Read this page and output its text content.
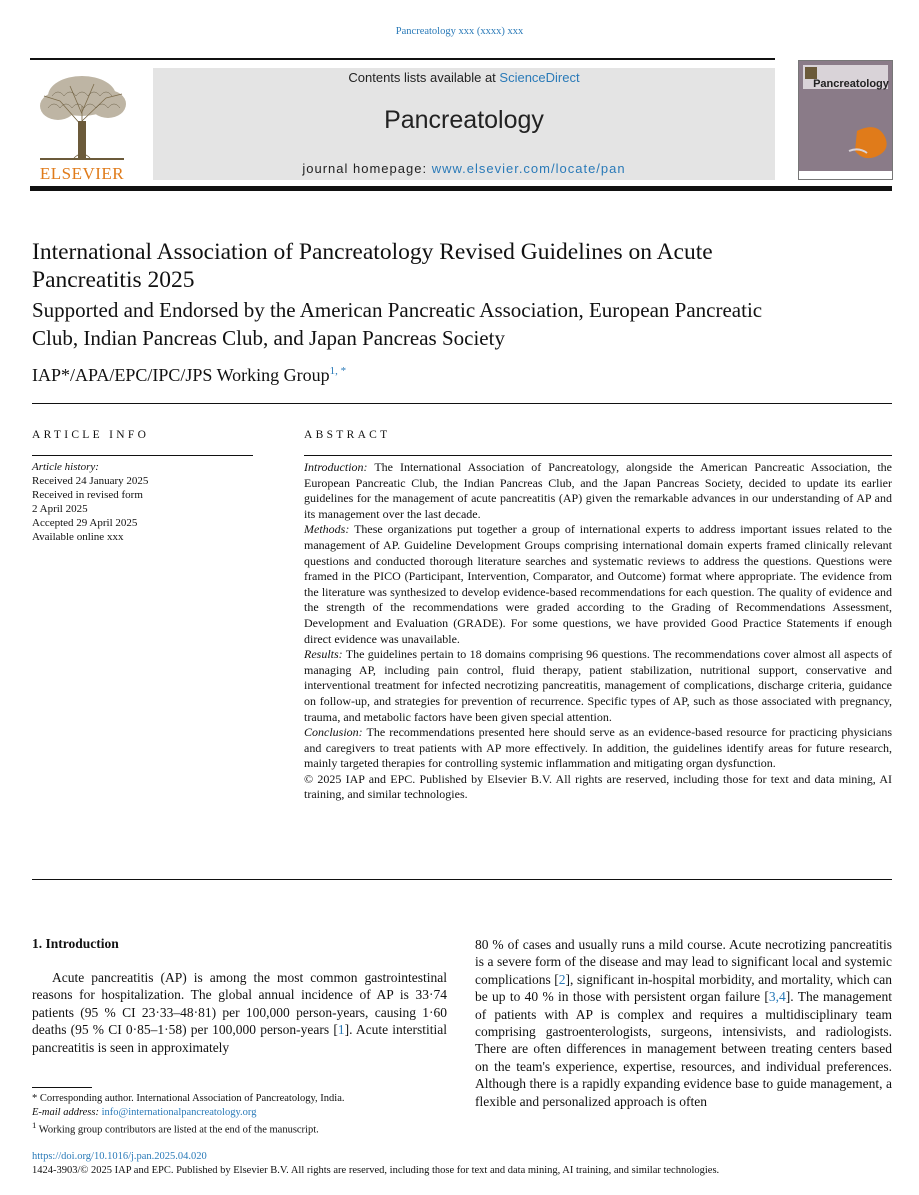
Pancreatology xxx (xxxx) xxx
ELSEVIER
Contents lists available at ScienceDirect
Pancreatology
journal homepage: www.elsevier.com/locate/pan
Pancreatology
International Association of Pancreatology Revised Guidelines on Acute Pancreatitis 2025
Supported and Endorsed by the American Pancreatic Association, European Pancreatic Club, Indian Pancreas Club, and Japan Pancreas Society
IAP*/APA/EPC/IPC/JPS Working Group$^{1, *}$
ARTICLE INFO	ABSTRACT
Article history:
Received 24 January 2025
Received in revised form
2 April 2025
Accepted 29 April 2025
Available online xxx

Introduction: The International Association of Pancreatology, alongside the American Pancreatic Association, the European Pancreatic Club, the Indian Pancreas Club, and the Japan Pancreas Society, decided to update its earlier guidelines for the management of acute pancreatitis (AP) given the remarkable advances in our understanding of AP and its management over the last decade.

Methods: These organizations put together a group of international experts to address important issues related to the management of AP. Guideline Development Groups comprising international domain experts framed clinically relevant questions and conducted thorough literature searches and systematic reviews to address the questions. Questions were framed in the PICO (Participant, Intervention, Comparator, and Outcome) format where appropriate. The evidence from the literature was synthesized to develop evidence-based recommendations for each question. The quality of evidence and the strength of the recommendations were graded according to the Grading of Recommendations Assessment, Development and Evaluation (GRADE). For some questions, we have provided Good Practice Statements if enough direct evidence was unavailable.

Results: The guidelines pertain to 18 domains comprising 96 questions. The recommendations cover almost all aspects of managing AP, including pain control, fluid therapy, patient stabilization, nutritional support, conservative and interventional treatment for infected necrotizing pancreatitis, management of complications, discharge criteria, guidance on follow-up, and strategies for prevention of recurrence. Specific types of AP, such as those associated with pregnancy, trauma, and metabolic factors have been given special attention.

Conclusion: The recommendations presented here should serve as an evidence-based resource for practicing physicians and caregivers to treat patients with AP more effectively. In addition, the guidelines identify areas for future research, mainly targeted therapies for controlling systemic inflammation and mitigating organ dysfunction.

© 2025 IAP and EPC. Published by Elsevier B.V. All rights are reserved, including those for text and data mining, AI training, and similar technologies.

1. Introduction

Acute pancreatitis (AP) is among the most common gastrointestinal reasons for hospitalization. The global annual incidence of AP is 33·74 patients (95 % CI 23·33–48·81) per 100,000 person-years, causing 1·60 deaths (95 % CI 0·85–1·58) per 100,000 person-years [1]. Acute interstitial pancreatitis is seen in approximately

80 % of cases and usually runs a mild course. Acute necrotizing pancreatitis is a severe form of the disease and may lead to significant local and systemic complications [2], significant in-hospital morbidity, and mortality, which can be up to 40 % in those with persistent organ failure [3,4]. The management of patients with AP is complex and requires a multidisciplinary team comprising gastroenterologists, surgeons, intensivists, and radiologists. There are often differences in management between treating centers based on the team's experience, expertise, resources, and individual preferences. Although there is a rapidly expanding evidence base to guide management, a flexible and personalized approach is often

* Corresponding author. International Association of Pancreatology, India.
E-mail address: info@internationalpancreatology.org
$^1$ Working group contributors are listed at the end of the manuscript.
https://doi.org/10.1016/j.pan.2025.04.020
1424-3903/© 2025 IAP and EPC. Published by Elsevier B.V. All rights are reserved, including those for text and data mining, AI training, and similar technologies.
